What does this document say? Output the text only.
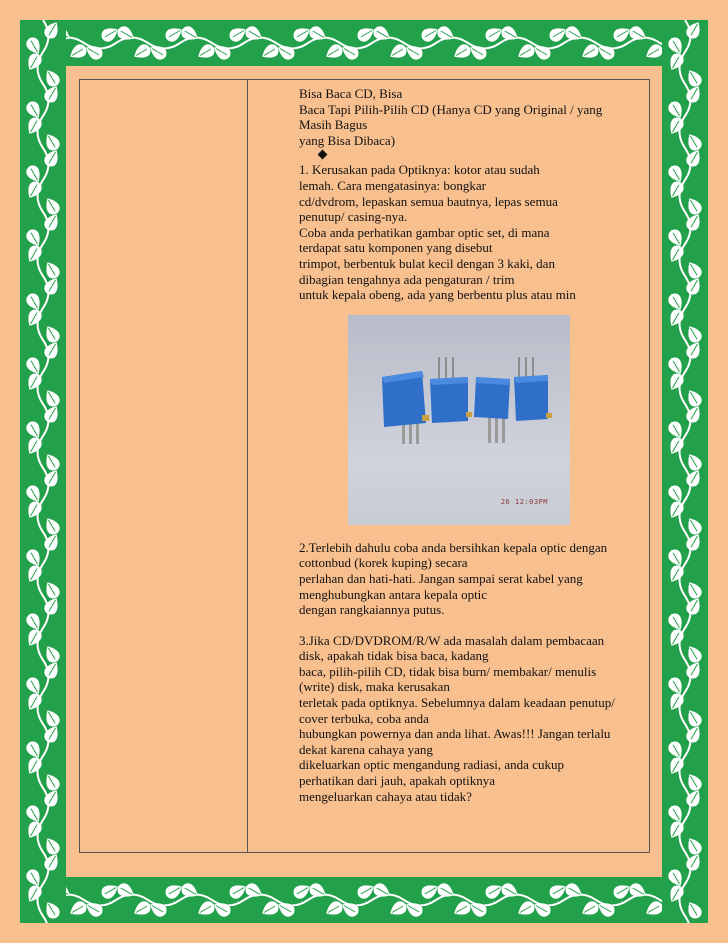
Bisa Baca CD, Bisa
Baca Tapi Pilih-Pilih CD (Hanya CD yang Original / yang
Masih Bagus
yang Bisa Dibaca)

1. Kerusakan pada Optiknya: kotor atau sudah
lemah. Cara mengatasinya: bongkar
cd/dvdrom, lepaskan semua bautnya, lepas semua
penutup/ casing-nya.
Coba anda perhatikan gambar optic set, di mana
terdapat satu komponen yang disebut
trimpot, berbentuk bulat kecil dengan 3 kaki, dan
dibagian tengahnya ada pengaturan / trim
untuk kepala obeng, ada yang berbentu plus atau min

26 12:03PM

2.Terlebih dahulu coba anda bersihkan kepala optic dengan
cottonbud (korek kuping) secara
perlahan dan hati-hati. Jangan sampai serat kabel yang
menghubungkan antara kepala optic
dengan rangkaiannya putus.

3.Jika CD/DVDROM/R/W ada masalah dalam pembacaan
disk, apakah tidak bisa baca, kadang
baca, pilih-pilih CD, tidak bisa burn/ membakar/ menulis
(write) disk, maka kerusakan
terletak pada optiknya. Sebelumnya dalam keadaan penutup/
cover terbuka, coba anda
hubungkan powernya dan anda lihat. Awas!!! Jangan terlalu
dekat karena cahaya yang
dikeluarkan optic mengandung radiasi, anda cukup
perhatikan dari jauh, apakah optiknya
mengeluarkan cahaya atau tidak?
